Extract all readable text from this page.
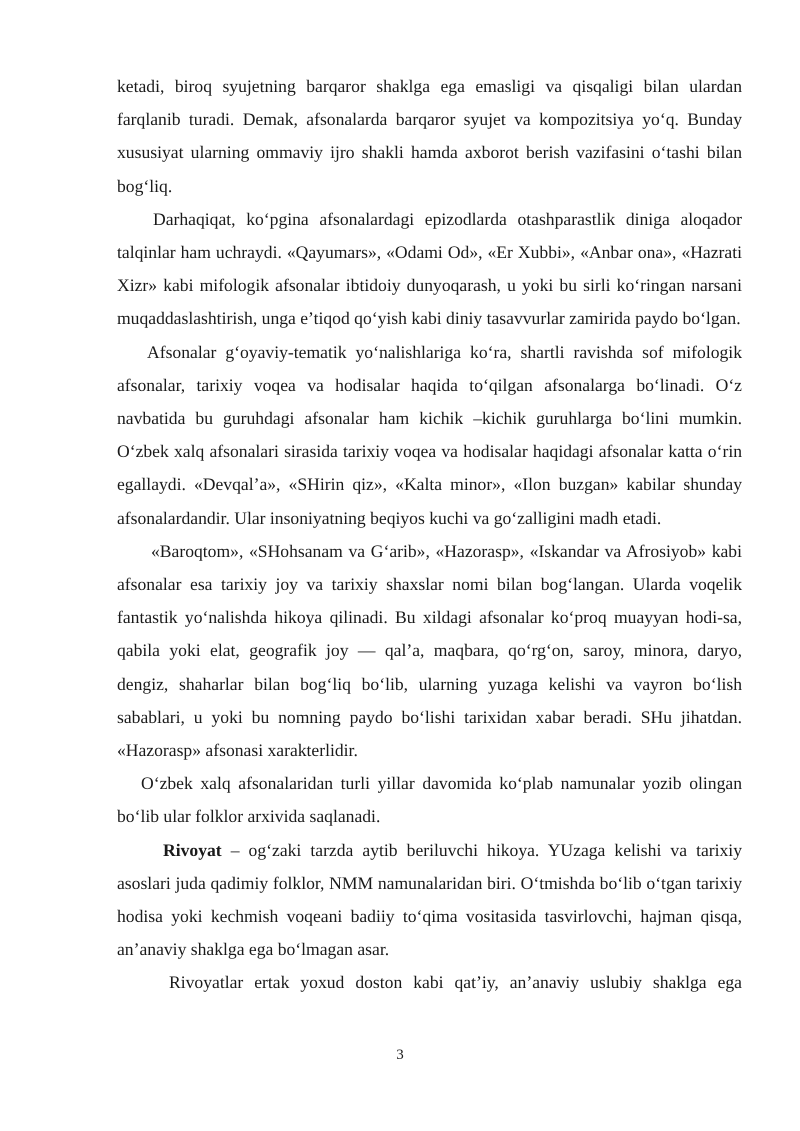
ketadi, biroq syujetning barqaror shaklga ega emasligi va qisqaligi bilan ulardan farqlanib turadi. Demak, afsonalarda barqaror syujet va kompozitsiya yo‘q. Bunday xususiyat ularning ommaviy ijro shakli hamda axborot berish vazifasini o‘tashi bilan bog‘liq.

Darhaqiqat, ko‘pgina afsonalardagi epizodlarda otashparastlik diniga aloqador talqinlar ham uchraydi. «Qayumars», «Odami Od», «Er Xubbi», «Anbar ona», «Hazrati Xizr» kabi mifologik afsonalar ibtidoiy dunyoqarash, u yoki bu sirli ko‘ringan narsani muqaddaslashtirish, unga e’tiqod qo‘yish kabi diniy tasavvurlar zamirida paydo bo‘lgan.

Afsonalar g‘oyaviy-tematik yo‘nalishlariga ko‘ra, shartli ravishda sof mifologik afsonalar, tarixiy voqea va hodisalar haqida to‘qilgan afsonalarga bo‘linadi. O‘z navbatida bu guruhdagi afsonalar ham kichik –kichik guruhlarga bo‘lini mumkin. O‘zbek xalq afsonalari sirasida tarixiy voqea va hodisalar haqidagi afsonalar katta o‘rin egallaydi. «Devqal’a», «SHirin qiz», «Kalta minor», «Ilon buzgan» kabilar shunday afsonalardandir. Ular insoniyatning beqiyos kuchi va go‘zalligini madh etadi.

«Baroqtom», «SHohsanam va G‘arib», «Hazorasp», «Iskandar va Afrosiyob» kabi afsonalar esa tarixiy joy va tarixiy shaxslar nomi bilan bog‘langan. Ularda voqelik fantastik yo‘nalishda hikoya qilinadi. Bu xildagi afsonalar ko‘proq muayyan hodi-sa, qabila yoki elat, geografik joy — qal’a, maqbara, qo‘rg‘on, saroy, minora, daryo, dengiz, shaharlar bilan bog‘liq bo‘lib, ularning yuzaga kelishi va vayron bo‘lish sabablari, u yoki bu nomning paydo bo‘lishi tarixidan xabar beradi. SHu jihatdan. «Hazorasp» afsonasi xarakterlidir.

O‘zbek xalq afsonalaridan turli yillar davomida ko‘plab namunalar yozib olingan bo‘lib ular folklor arxivida saqlanadi.

Rivoyat – og‘zaki tarzda aytib beriluvchi hikoya. YUzaga kelishi va tarixiy asoslari juda qadimiy folklor, NMM namunalaridan biri. O‘tmishda bo‘lib o‘tgan tarixiy hodisa yoki kechmish voqeani badiiy to‘qima vositasida tasvirlovchi, hajman qisqa, an’anaviy shaklga ega bo‘lmagan asar.

Rivoyatlar ertak yoxud doston kabi qat’iy, an’anaviy uslubiy shaklga ega

3
